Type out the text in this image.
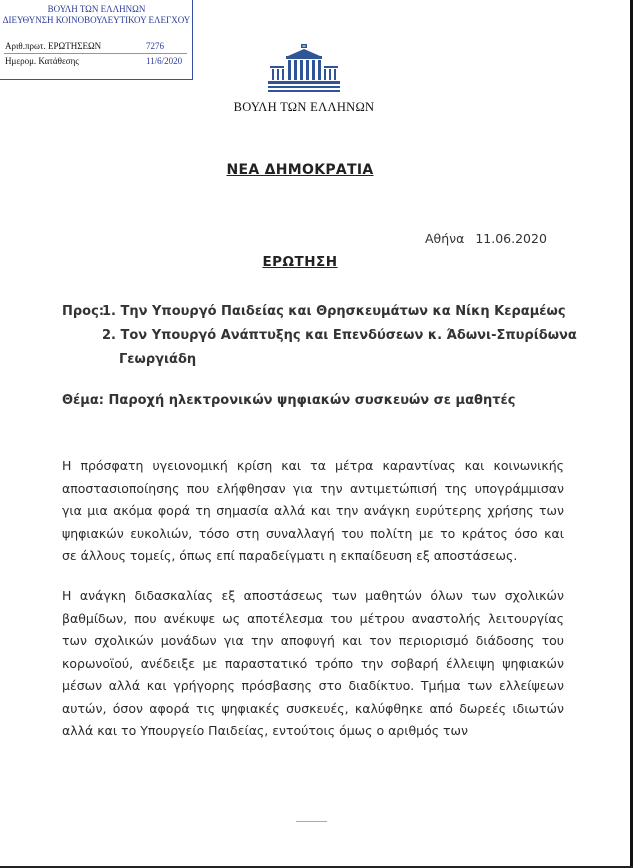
ΒΟΥΛΗ ΤΩΝ ΕΛΛΗΝΩΝ
ΔΙΕΥΘΥΝΣΗ ΚΟΙΝΟΒΟΥΛΕΥΤΙΚΟΥ ΕΛΕΓΧΟΥ
Αριθ.πρωτ. ΕΡΩΤΗΣΕΩΝ	7276
Ημερομ. Κατάθεσης	11/6/2020
ΒΟΥΛΗ ΤΩΝ ΕΛΛΗΝΩΝ
ΝΕΑ ΔΗΜΟΚΡΑΤΙΑ
Αθήνα 11.06.2020
ΕΡΩΤΗΣΗ
Προς:1. Την Υπουργό Παιδείας και Θρησκευμάτων κα Νίκη Κεραμέως
2. Τον Υπουργό Ανάπτυξης και Επενδύσεων κ. Άδωνι-Σπυρίδωνα
Γεωργιάδη
Θέμα: Παροχή ηλεκτρονικών ψηφιακών συσκευών σε μαθητές
Η πρόσφατη υγειονομική κρίση και τα μέτρα καραντίνας και κοινωνικής
αποστασιοποίησης που ελήφθησαν για την αντιμετώπισή της υπογράμμισαν
για μια ακόμα φορά τη σημασία αλλά και την ανάγκη ευρύτερης χρήσης των
ψηφιακών ευκολιών, τόσο στη συναλλαγή του πολίτη με το κράτος όσο και
σε άλλους τομείς, όπως επί παραδείγματι η εκπαίδευση εξ αποστάσεως.
Η ανάγκη διδασκαλίας εξ αποστάσεως των μαθητών όλων των σχολικών
βαθμίδων, που ανέκυψε ως αποτέλεσμα του μέτρου αναστολής λειτουργίας
των σχολικών μονάδων για την αποφυγή και τον περιορισμό διάδοσης του
κορωνοϊού, ανέδειξε με παραστατικό τρόπο την σοβαρή έλλειψη ψηφιακών
μέσων αλλά και γρήγορης πρόσβασης στο διαδίκτυο. Τμήμα των ελλείψεων
αυτών, όσον αφορά τις ψηφιακές συσκευές, καλύφθηκε από δωρεές ιδιωτών
αλλά και το Υπουργείο Παιδείας, εντούτοις όμως ο αριθμός των
